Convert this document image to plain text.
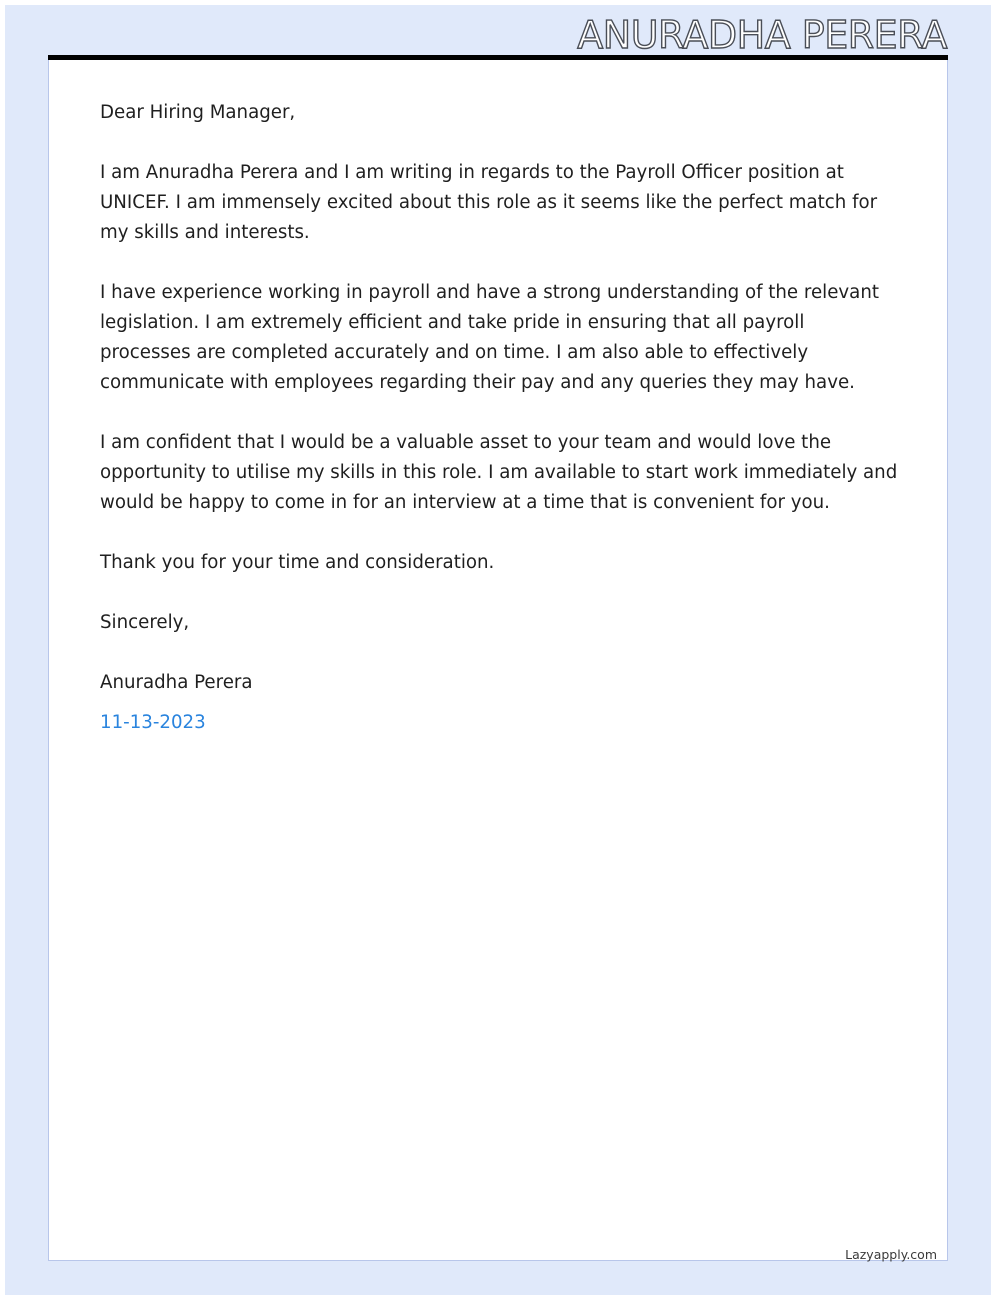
ANURADHA PERERA

Dear Hiring Manager,

I am Anuradha Perera and I am writing in regards to the Payroll Officer position at UNICEF. I am immensely excited about this role as it seems like the perfect match for my skills and interests.

I have experience working in payroll and have a strong understanding of the relevant legislation. I am extremely efficient and take pride in ensuring that all payroll processes are completed accurately and on time. I am also able to effectively communicate with employees regarding their pay and any queries they may have.

I am confident that I would be a valuable asset to your team and would love the opportunity to utilise my skills in this role. I am available to start work immediately and would be happy to come in for an interview at a time that is convenient for you.

Thank you for your time and consideration.

Sincerely,

Anuradha Perera

11-13-2023

Lazyapply.com
